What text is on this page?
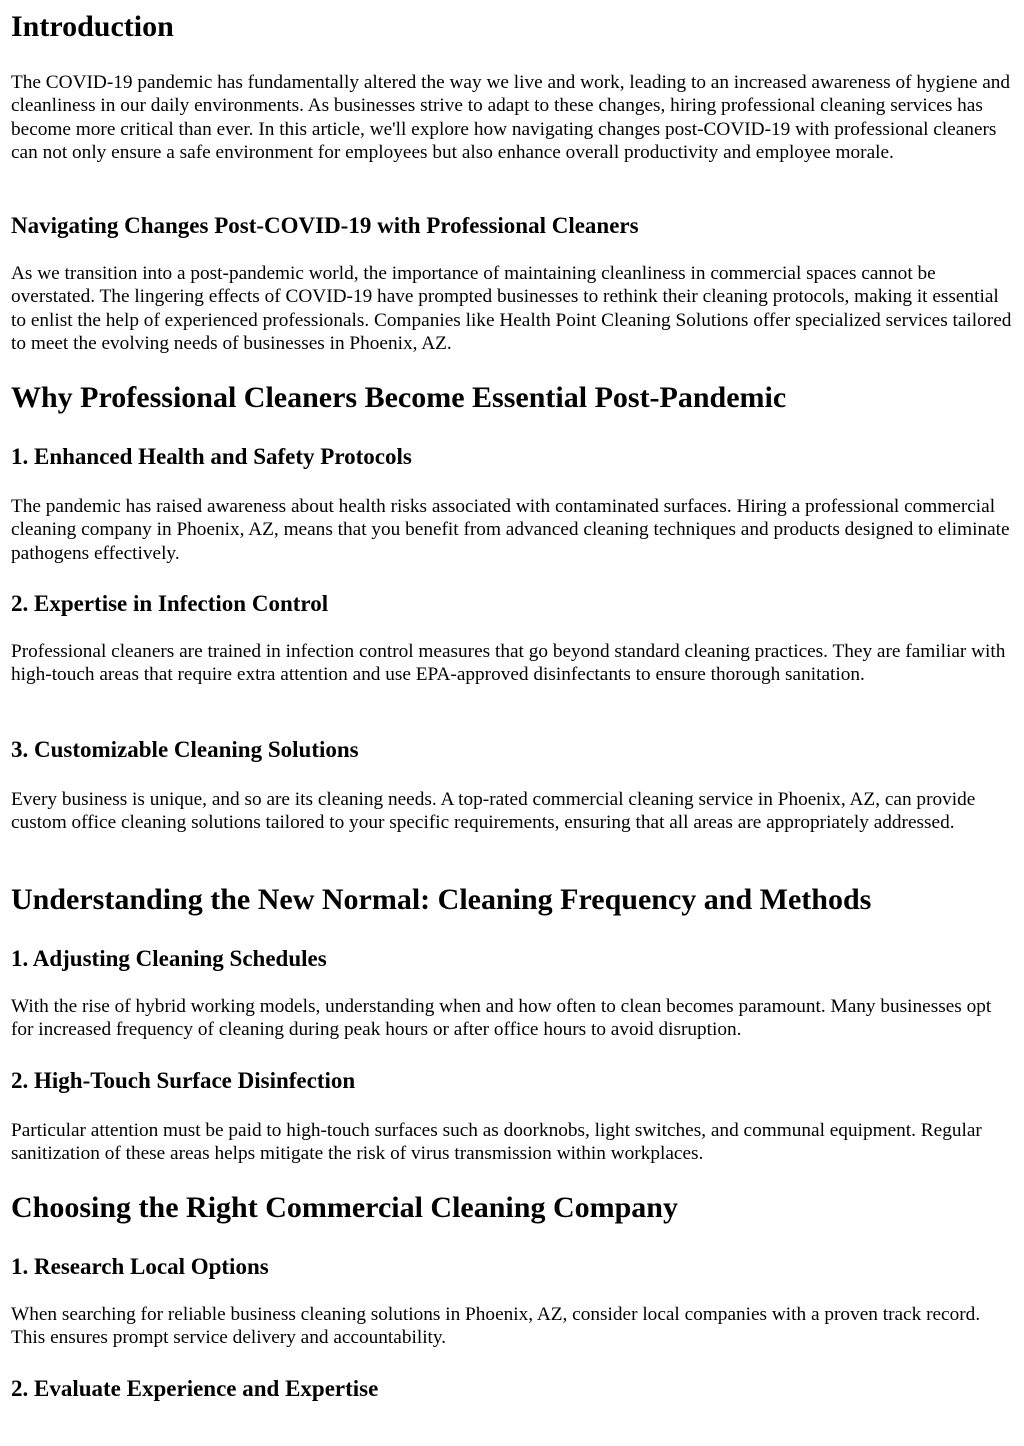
Introduction

The COVID-19 pandemic has fundamentally altered the way we live and work, leading to an increased awareness of hygiene and cleanliness in our daily environments. As businesses strive to adapt to these changes, hiring professional cleaning services has become more critical than ever. In this article, we'll explore how navigating changes post-COVID-19 with professional cleaners can not only ensure a safe environment for employees but also enhance overall productivity and employee morale.

Navigating Changes Post-COVID-19 with Professional Cleaners

As we transition into a post-pandemic world, the importance of maintaining cleanliness in commercial spaces cannot be overstated. The lingering effects of COVID-19 have prompted businesses to rethink their cleaning protocols, making it essential to enlist the help of experienced professionals. Companies like Health Point Cleaning Solutions offer specialized services tailored to meet the evolving needs of businesses in Phoenix, AZ.

Why Professional Cleaners Become Essential Post-Pandemic
1. Enhanced Health and Safety Protocols

The pandemic has raised awareness about health risks associated with contaminated surfaces. Hiring a professional commercial cleaning company in Phoenix, AZ, means that you benefit from advanced cleaning techniques and products designed to eliminate pathogens effectively.

2. Expertise in Infection Control

Professional cleaners are trained in infection control measures that go beyond standard cleaning practices. They are familiar with high-touch areas that require extra attention and use EPA-approved disinfectants to ensure thorough sanitation.

3. Customizable Cleaning Solutions

Every business is unique, and so are its cleaning needs. A top-rated commercial cleaning service in Phoenix, AZ, can provide custom office cleaning solutions tailored to your specific requirements, ensuring that all areas are appropriately addressed.

Understanding the New Normal: Cleaning Frequency and Methods
1. Adjusting Cleaning Schedules

With the rise of hybrid working models, understanding when and how often to clean becomes paramount. Many businesses opt for increased frequency of cleaning during peak hours or after office hours to avoid disruption.

2. High-Touch Surface Disinfection

Particular attention must be paid to high-touch surfaces such as doorknobs, light switches, and communal equipment. Regular sanitization of these areas helps mitigate the risk of virus transmission within workplaces.

Choosing the Right Commercial Cleaning Company
1. Research Local Options

When searching for reliable business cleaning solutions in Phoenix, AZ, consider local companies with a proven track record. This ensures prompt service delivery and accountability.

2. Evaluate Experience and Expertise
